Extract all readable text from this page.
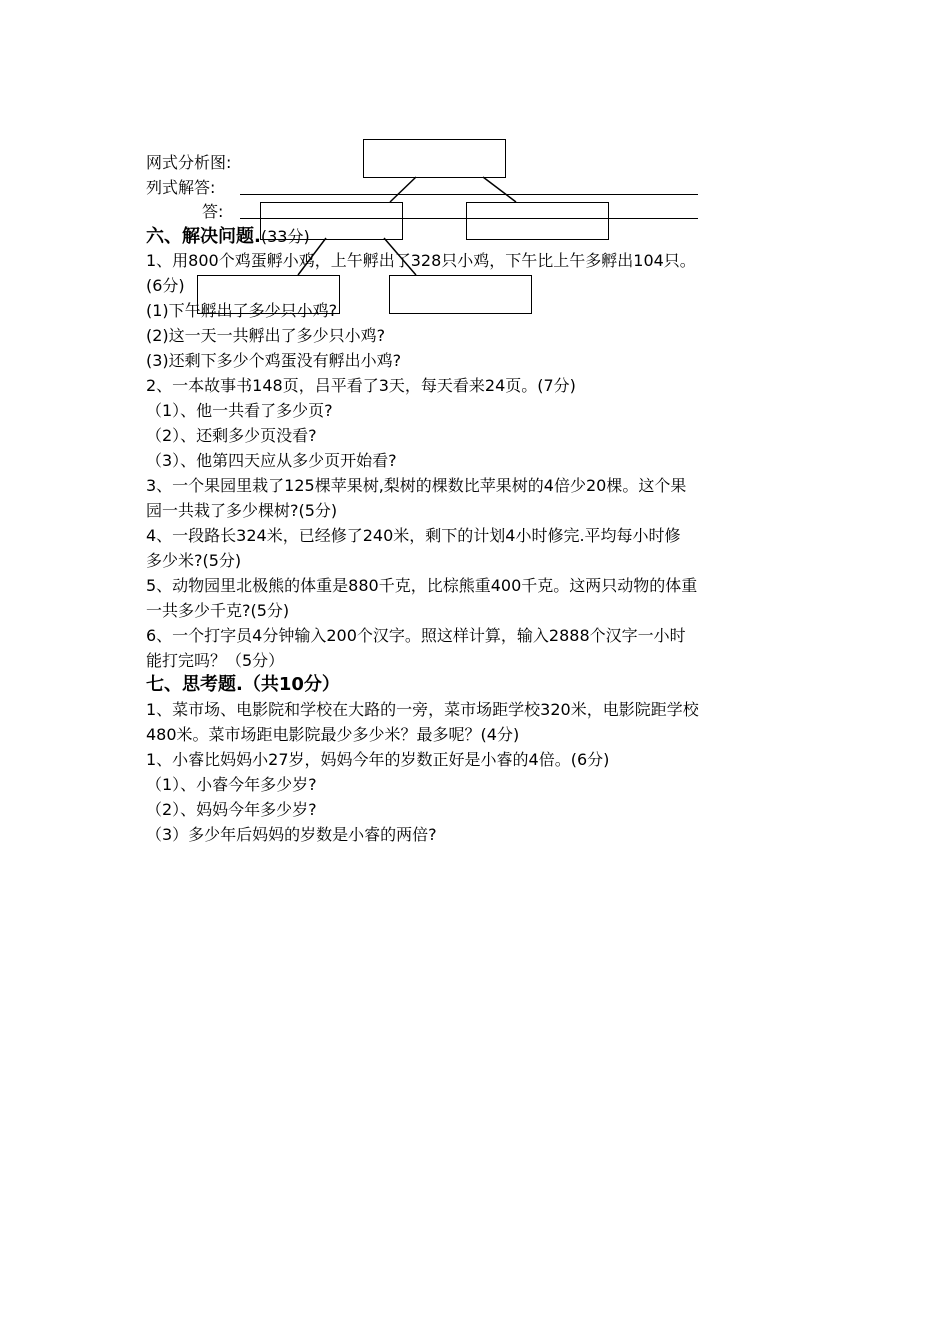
网式分析图:
列式解答:
答:
六、解决问题.(33分)
1、用800个鸡蛋孵小鸡，上午孵出了328只小鸡，下午比上午多孵出104只。
(6分)
(1)下午孵出了多少只小鸡?
(2)这一天一共孵出了多少只小鸡?
(3)还剩下多少个鸡蛋没有孵出小鸡?
2、一本故事书148页，吕平看了3天，每天看来24页。(7分)
（1）、他一共看了多少页?
（2）、还剩多少页没看?
（3）、他第四天应从多少页开始看?
3、一个果园里栽了125棵苹果树,梨树的棵数比苹果树的4倍少20棵。这个果
园一共栽了多少棵树?(5分)
4、一段路长324米，已经修了240米，剩下的计划4小时修完.平均每小时修
多少米?(5分)
5、动物园里北极熊的体重是880千克，比棕熊重400千克。这两只动物的体重
一共多少千克?(5分)
6、一个打字员4分钟输入200个汉字。照这样计算，输入2888个汉字一小时
能打完吗？（5分）
七、思考题.（共10分）
1、菜市场、电影院和学校在大路的一旁，菜市场距学校320米，电影院距学校
480米。菜市场距电影院最少多少米？最多呢？(4分)
1、小睿比妈妈小27岁，妈妈今年的岁数正好是小睿的4倍。(6分)
（1）、小睿今年多少岁?
（2）、妈妈今年多少岁?
（3）多少年后妈妈的岁数是小睿的两倍?
